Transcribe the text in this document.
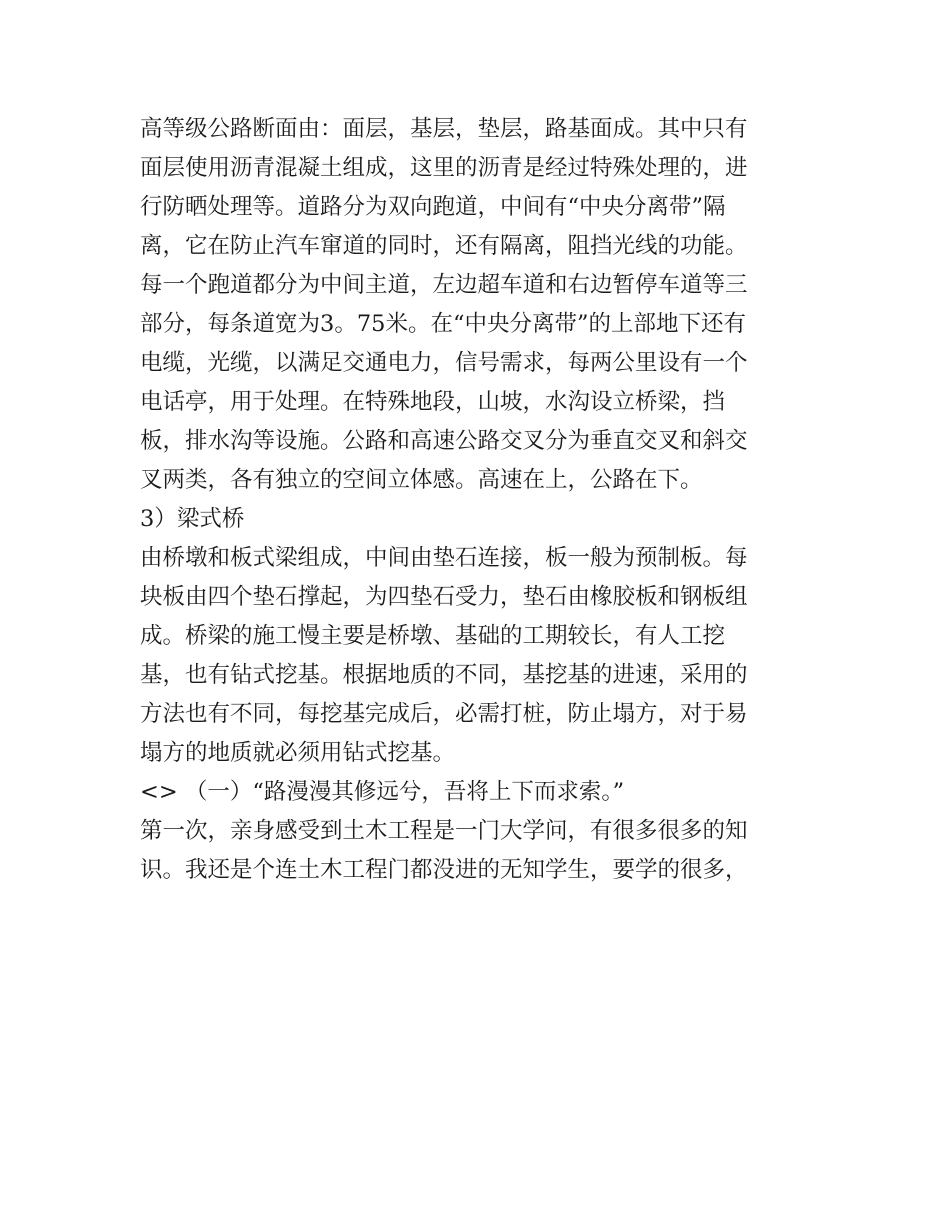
高等级公路断面由：面层，基层，垫层，路基面成。其中只有
面层使用沥青混凝土组成，这里的沥青是经过特殊处理的，进
行防晒处理等。道路分为双向跑道，中间有“中央分离带”隔
离，它在防止汽车窜道的同时，还有隔离，阻挡光线的功能。
每一个跑道都分为中间主道，左边超车道和右边暂停车道等三
部分，每条道宽为3。75米。在“中央分离带”的上部地下还有
电缆，光缆，以满足交通电力，信号需求，每两公里设有一个
电话亭，用于处理。在特殊地段，山坡，水沟设立桥梁，挡
板，排水沟等设施。公路和高速公路交叉分为垂直交叉和斜交
叉两类，各有独立的空间立体感。高速在上，公路在下。
3）梁式桥
由桥墩和板式梁组成，中间由垫石连接，板一般为预制板。每
块板由四个垫石撑起，为四垫石受力，垫石由橡胶板和钢板组
成。桥梁的施工慢主要是桥墩、基础的工期较长，有人工挖
基，也有钻式挖基。根据地质的不同，基挖基的进速，采用的
方法也有不同，每挖基完成后，必需打桩，防止塌方，对于易
塌方的地质就必须用钻式挖基。
<> （一）“路漫漫其修远兮，吾将上下而求索。”
第一次，亲身感受到土木工程是一门大学问，有很多很多的知
识。我还是个连土木工程门都没进的无知学生，要学的很多，
